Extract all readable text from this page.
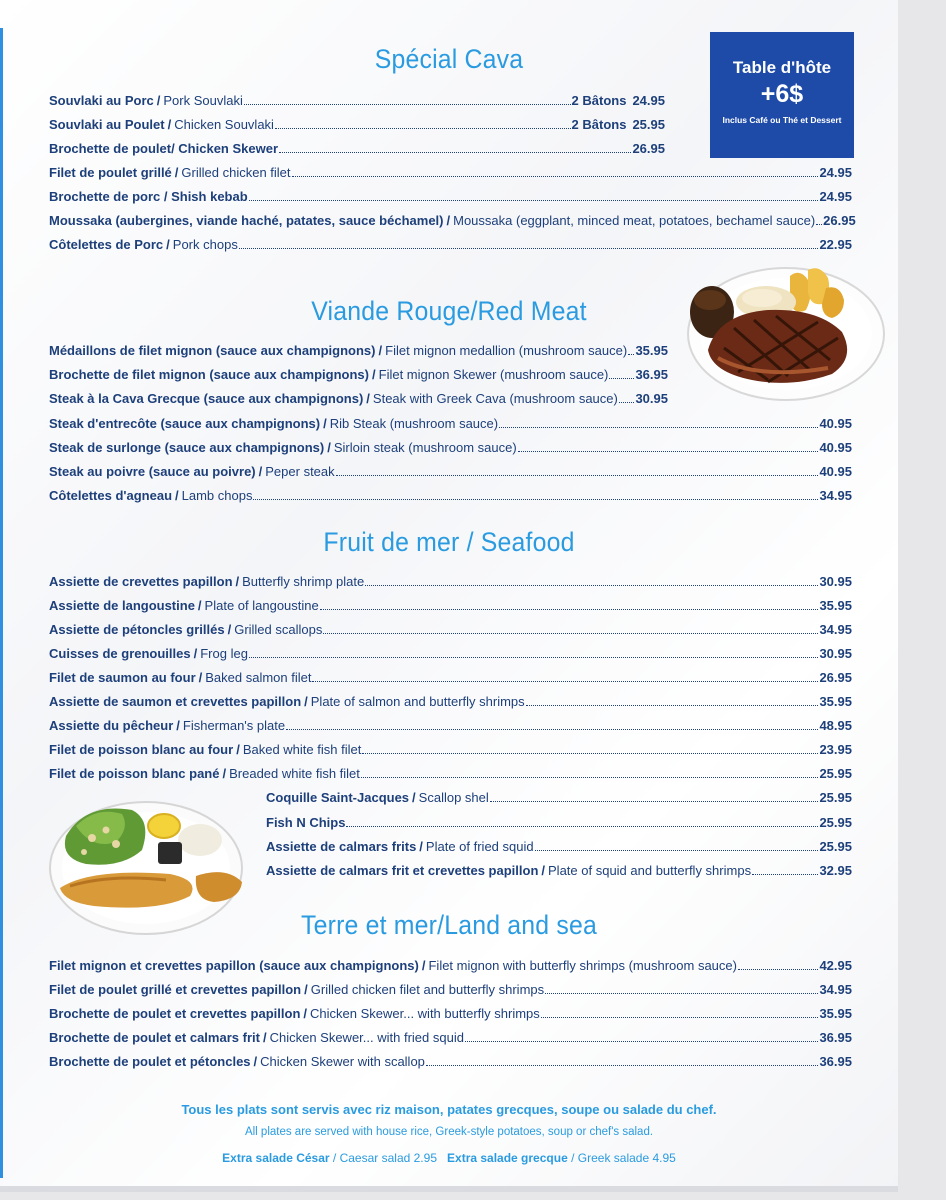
Spécial Cava
Souvlaki au Porc / Pork Souvlaki	2 Bâtons 24.95
Souvlaki au Poulet / Chicken Souvlaki	2 Bâtons 25.95
Brochette de poulet/ Chicken Skewer	26.95
Filet de poulet grillé / Grilled chicken filet	24.95
Brochette de porc / Shish kebab	24.95
Moussaka (aubergines, viande haché, patates, sauce béchamel) / Moussaka (eggplant, minced meat, potatoes, bechamel sauce) 26.95
Côtelettes de Porc / Pork chops	22.95
Table d'hôte
+6$
Inclus Café ou Thé et Dessert
Viande Rouge/Red Meat
Médaillons de filet mignon (sauce aux champignons) / Filet mignon medallion (mushroom sauce) 35.95
Brochette de filet mignon (sauce aux champignons) / Filet mignon Skewer (mushroom sauce) 36.95
Steak à la Cava Grecque (sauce aux champignons) / Steak with Greek Cava (mushroom sauce) 30.95
Steak d'entrecôte (sauce aux champignons) / Rib Steak (mushroom sauce)	40.95
Steak de surlonge (sauce aux champignons) / Sirloin steak (mushroom sauce)	40.95
Steak au poivre (sauce au poivre) / Peper steak	40.95
Côtelettes d'agneau / Lamb chops	34.95
Fruit de mer / Seafood
Assiette de crevettes papillon / Butterfly shrimp plate	30.95
Assiette de langoustine / Plate of langoustine	35.95
Assiette de pétoncles grillés / Grilled scallops	34.95
Cuisses de grenouilles / Frog leg	30.95
Filet de saumon au four / Baked salmon filet	26.95
Assiette de saumon et crevettes papillon / Plate of salmon and butterfly shrimps	35.95
Assiette du pêcheur / Fisherman's plate	48.95
Filet de poisson blanc au four / Baked white fish filet	23.95
Filet de poisson blanc pané / Breaded white fish filet	25.95
Coquille Saint-Jacques / Scallop shel	25.95
Fish N Chips	25.95
Assiette de calmars frits / Plate of fried squid	25.95
Assiette de calmars frit et crevettes papillon / Plate of squid and butterfly shrimps	32.95
Terre et mer/Land and sea
Filet mignon et crevettes papillon (sauce aux champignons) / Filet mignon with butterfly shrimps (mushroom sauce)	42.95
Filet de poulet grillé et crevettes papillon / Grilled chicken filet and butterfly shrimps	34.95
Brochette de poulet et crevettes papillon / Chicken Skewer... with butterfly shrimps	35.95
Brochette de poulet et calmars frit / Chicken Skewer... with fried squid	36.95
Brochette de poulet et pétoncles / Chicken Skewer with scallop	36.95
Tous les plats sont servis avec riz maison, patates grecques, soupe ou salade du chef.
All plates are served with house rice, Greek-style potatoes, soup or chef's salad.
Extra salade César / Caesar salad 2.95 Extra salade grecque / Greek salade 4.95
